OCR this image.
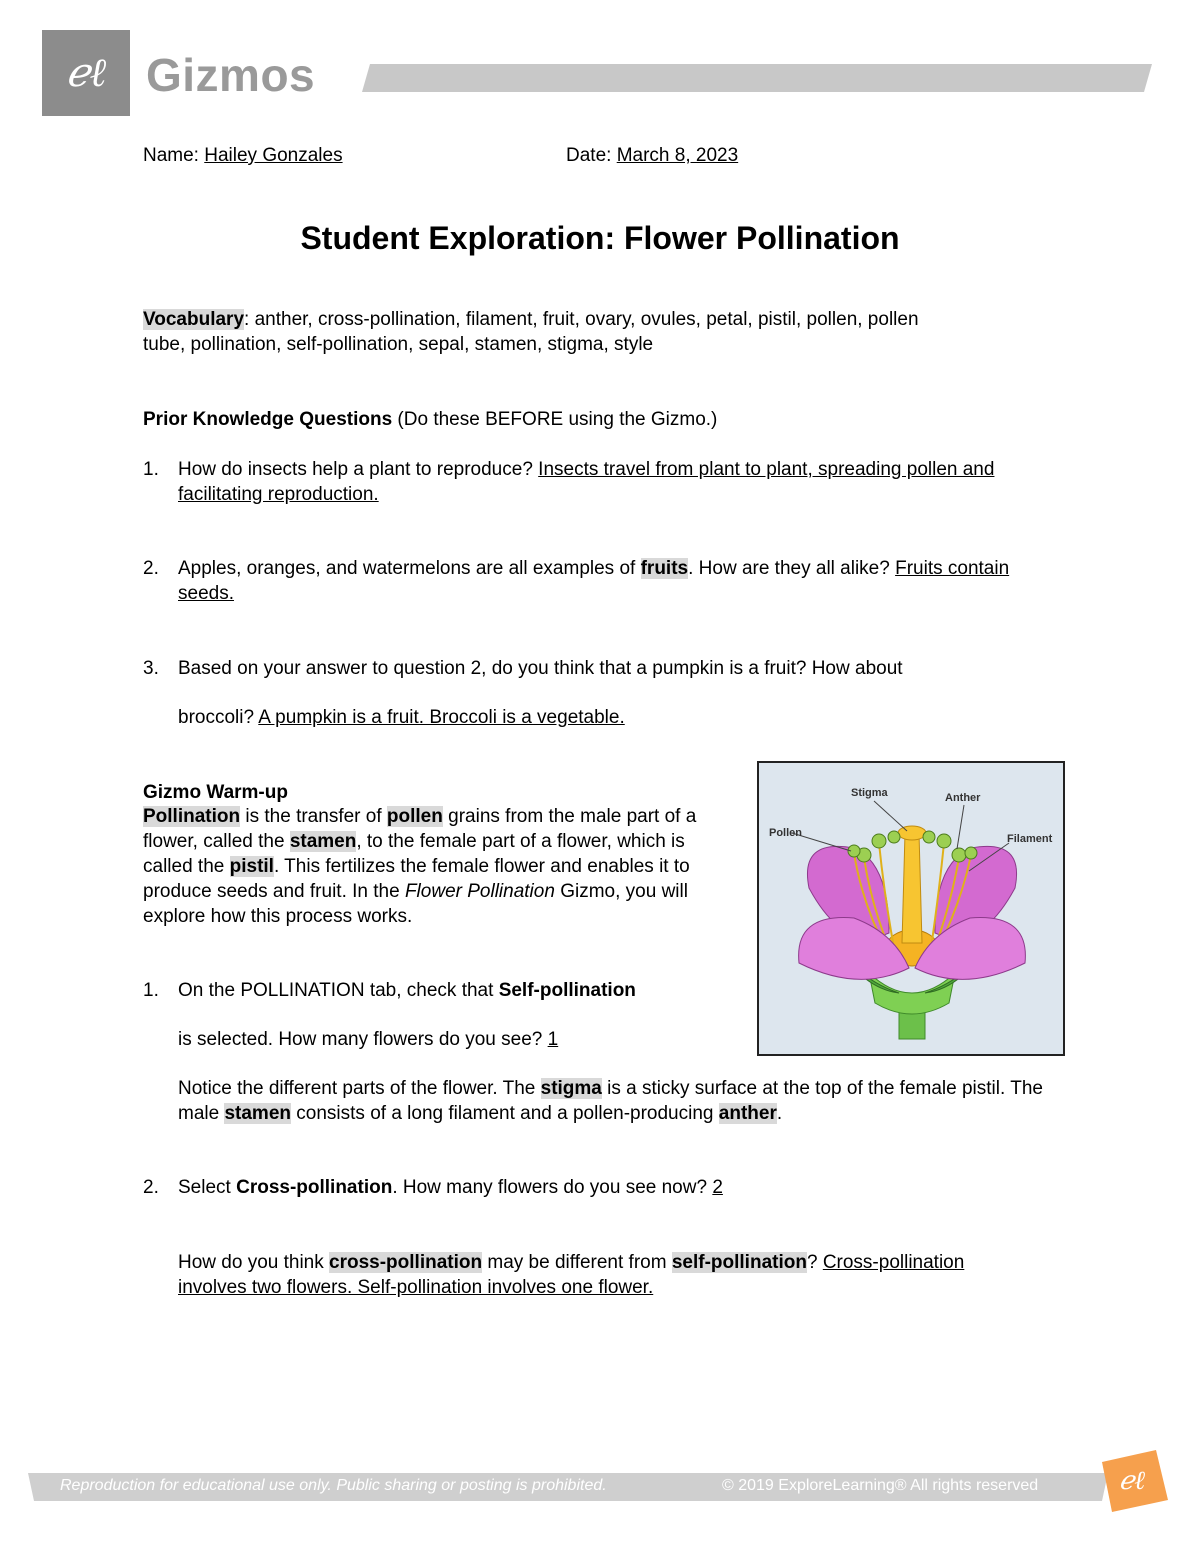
ℯℓ Gizmos
Name: Hailey Gonzales	Date: March 8, 2023
Student Exploration: Flower Pollination
Vocabulary: anther, cross-pollination, filament, fruit, ovary, ovules, petal, pistil, pollen, pollen
tube, pollination, self-pollination, sepal, stamen, stigma, style
Prior Knowledge Questions (Do these BEFORE using the Gizmo.)
1. How do insects help a plant to reproduce? Insects travel from plant to plant, spreading pollen and facilitating reproduction.
2. Apples, oranges, and watermelons are all examples of fruits. How are they all alike? Fruits contain seeds.
3. Based on your answer to question 2, do you think that a pumpkin is a fruit? How about
broccoli? A pumpkin is a fruit. Broccoli is a vegetable.
Gizmo Warm-up
Pollination is the transfer of pollen grains from the male part of a flower, called the stamen, to the female part of a flower, which is called the pistil. This fertilizes the female flower and enables it to produce seeds and fruit. In the Flower Pollination Gizmo, you will explore how this process works.
1. On the POLLINATION tab, check that Self-pollination
is selected. How many flowers do you see? 1
Notice the different parts of the flower. The stigma is a sticky surface at the top of the female pistil. The male stamen consists of a long filament and a pollen-producing anther.
2. Select Cross-pollination. How many flowers do you see now? 2
How do you think cross-pollination may be different from self-pollination? Cross-pollination involves two flowers. Self-pollination involves one flower.
Stigma	Anther
Pollen	Filament
Reproduction for educational use only. Public sharing or posting is prohibited.	© 2019 ExploreLearning® All rights reserved	ℯℓ
